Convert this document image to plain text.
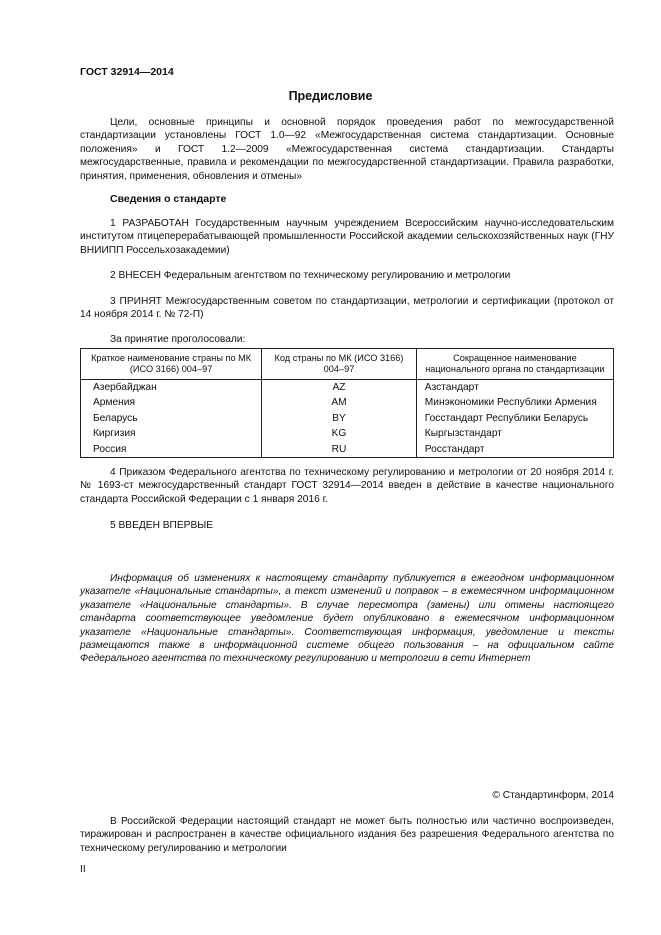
ГОСТ 32914—2014
Предисловие
Цели, основные принципы и основной порядок проведения работ по межгосударственной стандартизации установлены ГОСТ 1.0—92 «Межгосударственная система стандартизации. Основные положения» и ГОСТ 1.2—2009 «Межгосударственная система стандартизации. Стандарты межгосударственные, правила и рекомендации по межгосударственной стандартизации. Правила разработки, принятия, применения, обновления и отмены»
Сведения о стандарте
1 РАЗРАБОТАН Государственным научным учреждением Всероссийским научно-исследовательским институтом птицеперерабатывающей промышленности Российской академии сельскохозяйственных наук (ГНУ ВНИИПП Россельхозакадемии)
2 ВНЕСЕН Федеральным агентством по техническому регулированию и метрологии
3 ПРИНЯТ Межгосударственным советом по стандартизации, метрологии и сертификации (протокол от 14 ноября 2014 г. № 72-П)
За принятие проголосовали:
Краткое наименование страны по МК (ИСО 3166) 004–97	Код страны по МК (ИСО 3166) 004–97	Сокращенное наименование национального органа по стандартизации
Азербайджан	AZ	Азстандарт
Армения	AM	Минэкономики Республики Армения
Беларусь	BY	Госстандарт Республики Беларусь
Киргизия	KG	Кыргызстандарт
Россия	RU	Росстандарт
4 Приказом Федерального агентства по техническому регулированию и метрологии от 20 ноября 2014 г. № 1693-ст межгосударственный стандарт ГОСТ 32914—2014 введен в действие в качестве национального стандарта Российской Федерации с 1 января 2016 г.
5 ВВЕДЕН ВПЕРВЫЕ
Информация об изменениях к настоящему стандарту публикуется в ежегодном информационном указателе «Национальные стандарты», а текст изменений и поправок – в ежемесячном информационном указателе «Национальные стандарты». В случае пересмотра (замены) или отмены настоящего стандарта соответствующее уведомление будет опубликовано в ежемесячном информационном указателе «Национальные стандарты». Соответствующая информация, уведомление и тексты размещаются также в информационной системе общего пользования – на официальном сайте Федерального агентства по техническому регулированию и метрологии в сети Интернет
© Стандартинформ, 2014
В Российской Федерации настоящий стандарт не может быть полностью или частично воспроизведен, тиражирован и распространен в качестве официального издания без разрешения Федерального агентства по техническому регулированию и метрологии
II
